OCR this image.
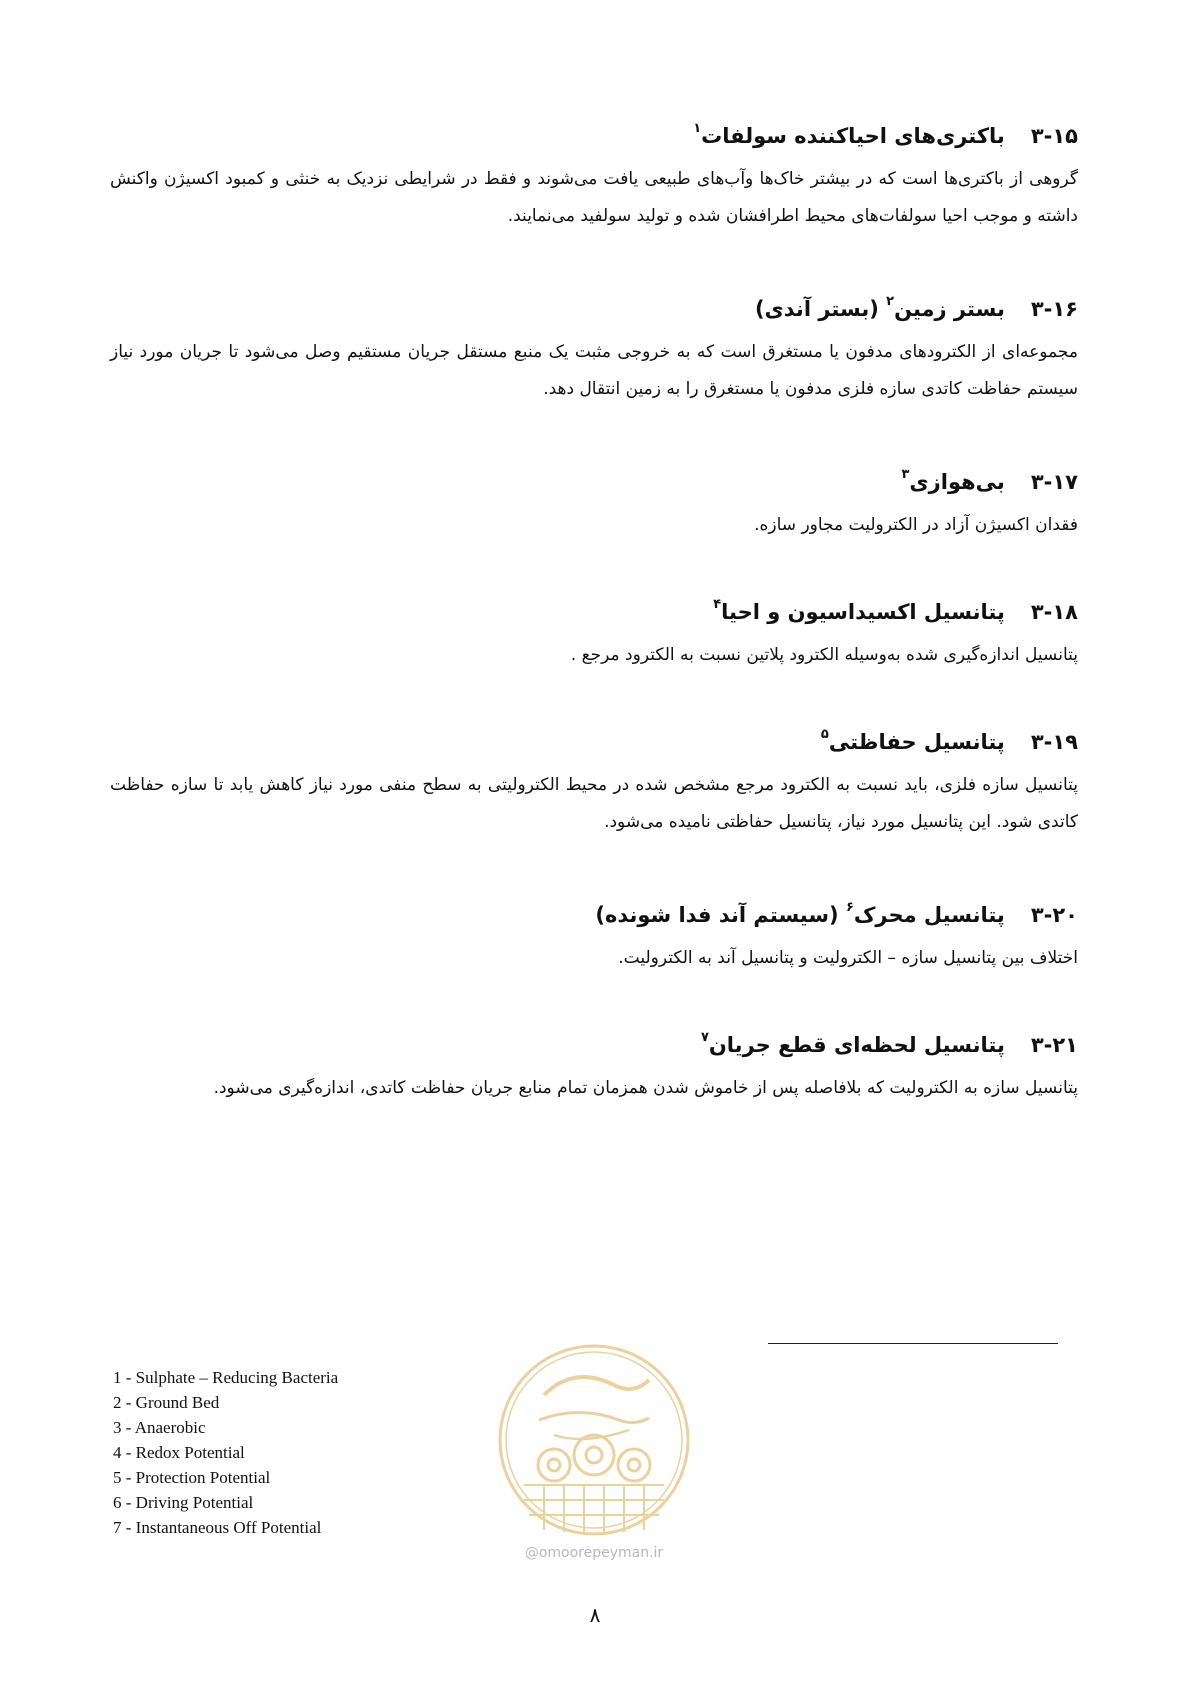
۳-۱۵باکتری‌های احیاکننده سولفات$^۱$

گروهی از باکتری‌ها است که در بیشتر خاک‌ها وآب‌های طبیعی یافت می‌شوند و فقط در شرایطی نزدیک به خنثی و کمبود اکسیژن واکنش داشته و موجب احیا سولفات‌های محیط اطرافشان شده و تولید سولفید می‌نمایند.

۳-۱۶بستر زمین$^۲$ (بستر آندی)

مجموعه‌ای از الکترودهای مدفون یا مستغرق است که به خروجی مثبت یک منبع مستقل جریان مستقیم وصل می‌شود تا جریان مورد نیاز سیستم حفاظت کاتدی سازه فلزی مدفون یا مستغرق را به زمین انتقال دهد.

۳-۱۷بی‌هوازی$^۳$

فقدان اکسیژن آزاد در الکترولیت مجاور سازه.

۳-۱۸پتانسیل اکسیداسیون و احیا$^۴$

پتانسیل اندازه‌گیری شده به‌وسیله الکترود پلاتین نسبت به الکترود مرجع .

۳-۱۹پتانسیل حفاظتی$^۵$

پتانسیل سازه فلزی، باید نسبت به الکترود مرجع مشخص شده در محیط الکترولیتی به سطح منفی مورد نیاز کاهش یابد تا سازه حفاظت کاتدی شود. این پتانسیل مورد نیاز، پتانسیل حفاظتی نامیده می‌شود.

۳-۲۰پتانسیل محرک$^۶$ (سیستم آند فدا شونده)

اختلاف بین پتانسیل سازه – الکترولیت و پتانسیل آند به الکترولیت.

۳-۲۱پتانسیل لحظه‌ای قطع جریان$^۷$

پتانسیل سازه به الکترولیت که بلافاصله پس از خاموش شدن همزمان تمام منابع جریان حفاظت کاتدی، اندازه‌گیری می‌شود.

1 - Sulphate – Reducing Bacteria
2 - Ground Bed
3 - Anaerobic
4 - Redox Potential
5 - Protection Potential
6 - Driving Potential
7 - Instantaneous Off Potential
@omoorepeyman.ir
۸
